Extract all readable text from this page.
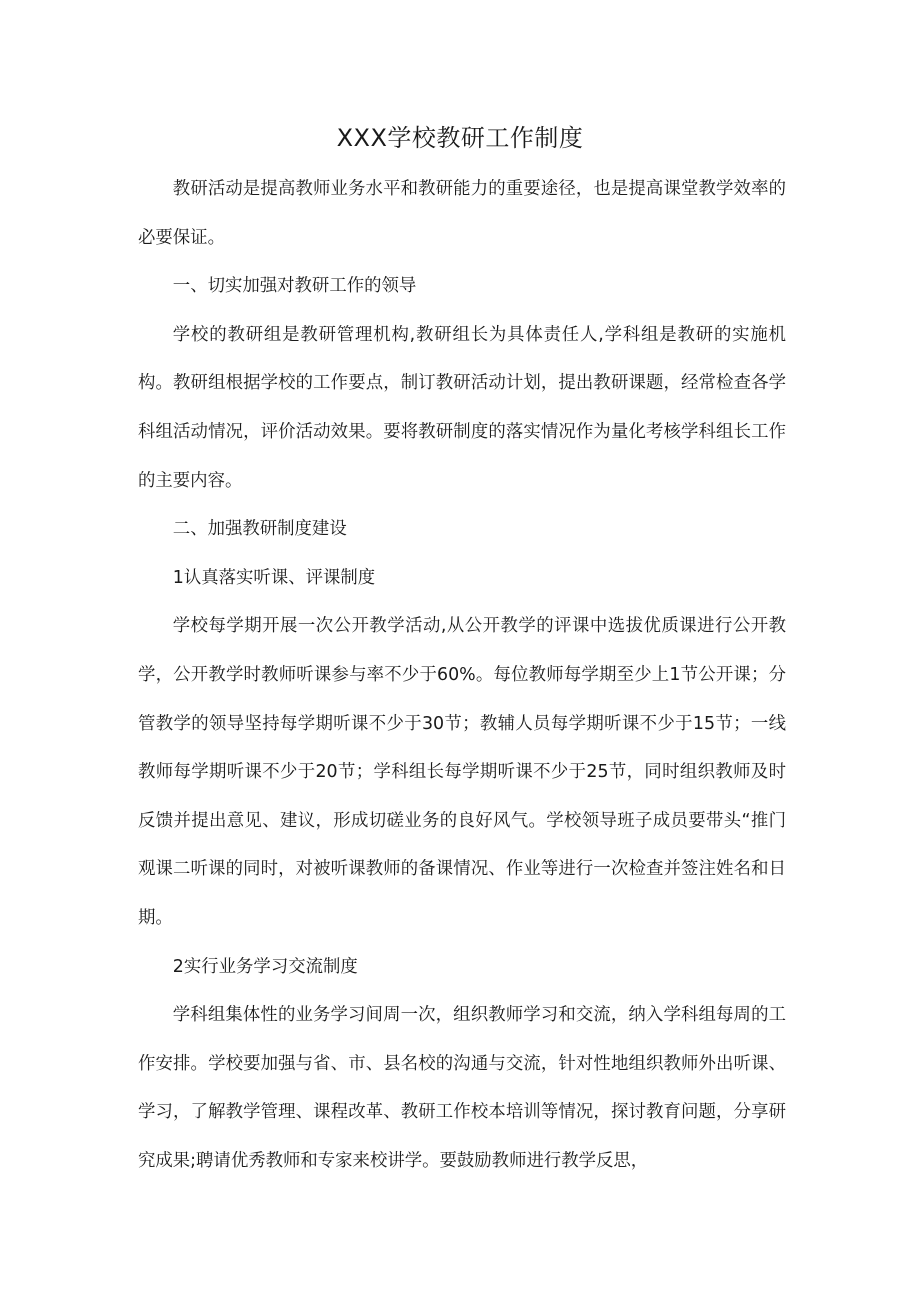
XXX学校教研工作制度

教研活动是提高教师业务水平和教研能力的重要途径，也是提高课堂教学效率的必要保证。

一、切实加强对教研工作的领导

学校的教研组是教研管理机构,教研组长为具体责任人,学科组是教研的实施机构。教研组根据学校的工作要点，制订教研活动计划，提出教研课题，经常检查各学科组活动情况，评价活动效果。要将教研制度的落实情况作为量化考核学科组长工作的主要内容。

二、加强教研制度建设

1认真落实听课、评课制度

学校每学期开展一次公开教学活动,从公开教学的评课中选拔优质课进行公开教学，公开教学时教师听课参与率不少于60%。每位教师每学期至少上1节公开课；分管教学的领导坚持每学期听课不少于30节；教辅人员每学期听课不少于15节；一线教师每学期听课不少于20节；学科组长每学期听课不少于25节，同时组织教师及时反馈并提出意见、建议，形成切磋业务的良好风气。学校领导班子成员要带头“推门观课二听课的同时，对被听课教师的备课情况、作业等进行一次检查并签注姓名和日期。

2实行业务学习交流制度

学科组集体性的业务学习间周一次，组织教师学习和交流，纳入学科组每周的工作安排。学校要加强与省、市、县名校的沟通与交流，针对性地组织教师外出听课、学习，了解教学管理、课程改革、教研工作校本培训等情况，探讨教育问题，分享研究成果;聘请优秀教师和专家来校讲学。要鼓励教师进行教学反思，
